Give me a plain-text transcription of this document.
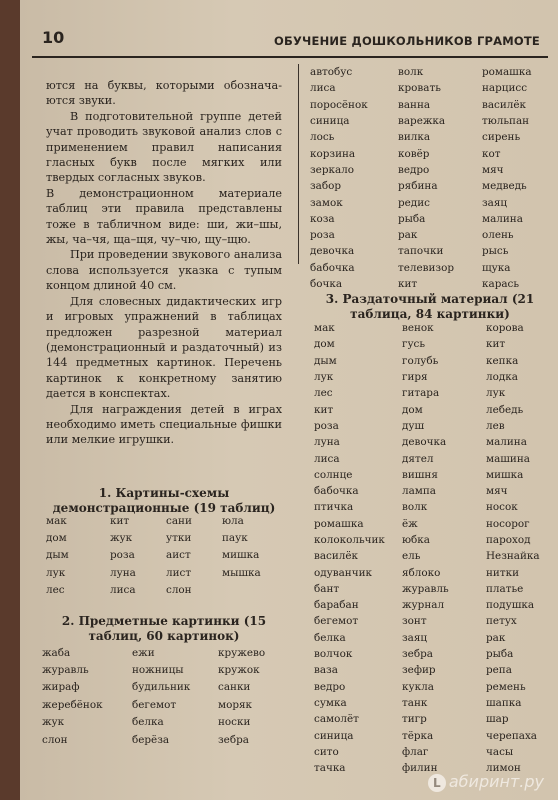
10	ОБУЧЕНИЕ ДОШКОЛЬНИКОВ ГРАМОТЕ

ются на буквы, которыми обознача-ются звуки.

В подготовительной группе детей учат проводить звуковой анализ слов с применением правил написания гласных букв после мягких или твердых согласных звуков.

В демонстрационном материале таблиц эти правила представлены тоже в табличном виде: ши, жи–шы, жы, ча–чя, ща–щя, чу–чю, щу–щю.

При проведении звукового анализа слова используется указка с тупым концом длиной 40 см.

Для словесных дидактических игр и игровых упражнений в таблицах предложен разрезной материал (демонстрационный и раздаточный) из 144 предметных картинок. Перечень картинок к конкретному занятию дается в конспектах.

Для награждения детей в играх необходимо иметь специальные фишки или мелкие игрушки.

1. Картины-схемы демонстрационные (19 таблиц)
мак	кит	сани	юла
дом	жук	утки	паук
дым	роза	аист	мишка
лук	луна	лист	мышка
лес	лиса	слон
2. Предметные картинки (15 таблиц, 60 картинок)
жаба	ежи	кружево
журавль	ножницы	кружок
жираф	будильник	санки
жеребёнок	бегемот	моряк
жук	белка	носки
слон	берёза	зебра
автобус	волк	ромашка
лиса	кровать	нарцисс
поросёнок	ванна	василёк
синица	варежка	тюльпан
лось	вилка	сирень
корзина	ковёр	кот
зеркало	ведро	мяч
забор	рябина	медведь
замок	редис	заяц
коза	рыба	малина
роза	рак	олень
девочка	тапочки	рысь
бабочка	телевизор	щука
бочка	кит	карась
3. Раздаточный материал (21 таблица, 84 картинки)
мак	венок	корова
дом	гусь	кит
дым	голубь	кепка
лук	гиря	лодка
лес	гитара	лук
кит	дом	лебедь
роза	душ	лев
луна	девочка	малина
лиса	дятел	машина
солнце	вишня	мишка
бабочка	лампа	мяч
птичка	волк	носок
ромашка	ёж	носорог
колокольчик	юбка	пароход
василёк	ель	Незнайка
одуванчик	яблоко	нитки
бант	журавль	платье
барабан	журнал	подушка
бегемот	зонт	петух
белка	заяц	рак
волчок	зебра	рыба
ваза	зефир	репа
ведро	кукла	ремень
сумка	танк	шапка
самолёт	тигр	шар
синица	тёрка	черепаха
сито	флаг	часы
тачка	филин	лимон
L абиринт.ру
